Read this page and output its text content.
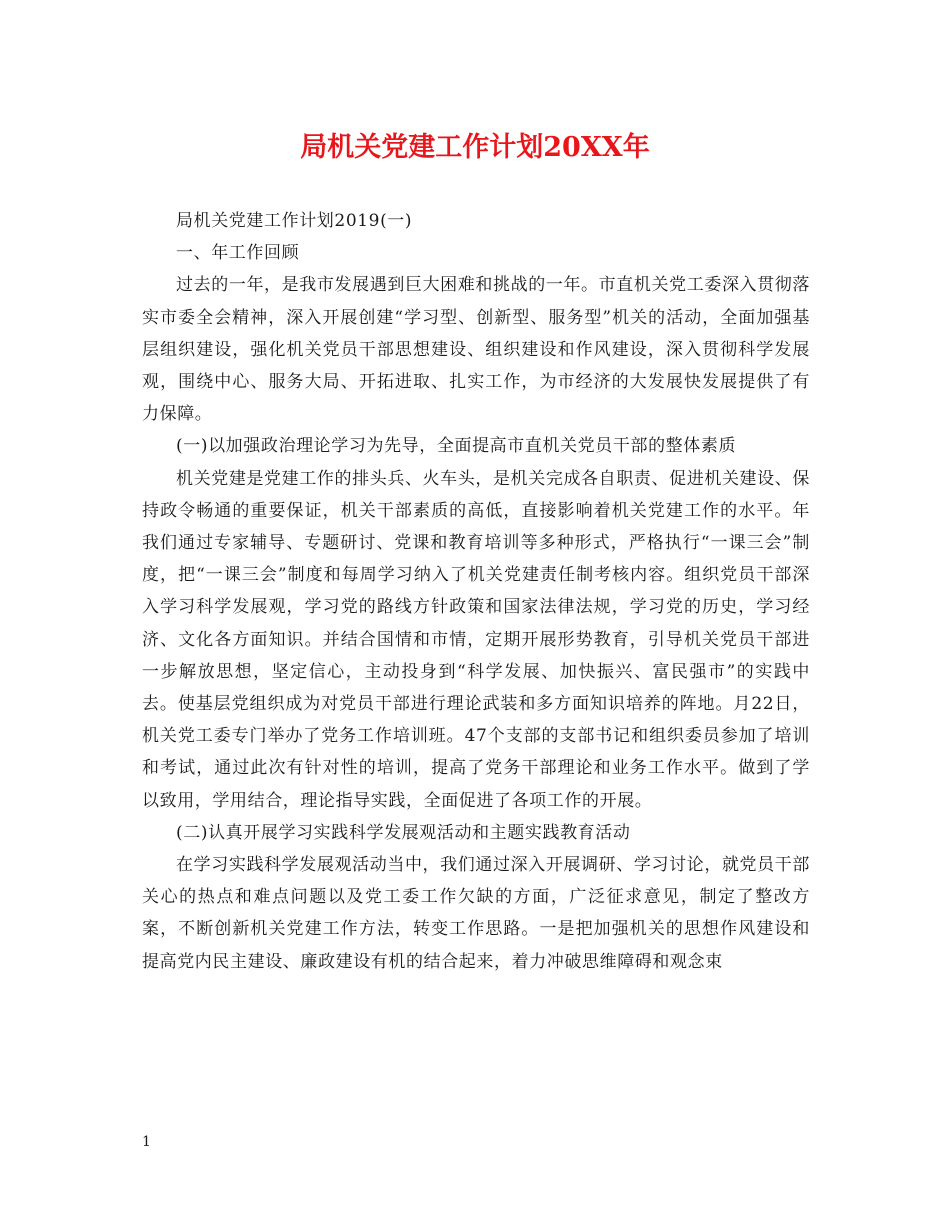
局机关党建工作计划20XX年

局机关党建工作计划2019(一)

一、年工作回顾

过去的一年，是我市发展遇到巨大困难和挑战的一年。市直机关党工委深入贯彻落实市委全会精神，深入开展创建“学习型、创新型、服务型”机关的活动，全面加强基层组织建设，强化机关党员干部思想建设、组织建设和作风建设，深入贯彻科学发展观，围绕中心、服务大局、开拓进取、扎实工作，为市经济的大发展快发展提供了有力保障。

(一)以加强政治理论学习为先导，全面提高市直机关党员干部的整体素质

机关党建是党建工作的排头兵、火车头，是机关完成各自职责、促进机关建设、保持政令畅通的重要保证，机关干部素质的高低，直接影响着机关党建工作的水平。年我们通过专家辅导、专题研讨、党课和教育培训等多种形式，严格执行“一课三会”制度，把“一课三会”制度和每周学习纳入了机关党建责任制考核内容。组织党员干部深入学习科学发展观，学习党的路线方针政策和国家法律法规，学习党的历史，学习经济、文化各方面知识。并结合国情和市情，定期开展形势教育，引导机关党员干部进一步解放思想，坚定信心，主动投身到“科学发展、加快振兴、富民强市”的实践中去。使基层党组织成为对党员干部进行理论武装和多方面知识培养的阵地。月22日，机关党工委专门举办了党务工作培训班。47个支部的支部书记和组织委员参加了培训和考试，通过此次有针对性的培训，提高了党务干部理论和业务工作水平。做到了学以致用，学用结合，理论指导实践，全面促进了各项工作的开展。

(二)认真开展学习实践科学发展观活动和主题实践教育活动

在学习实践科学发展观活动当中，我们通过深入开展调研、学习讨论，就党员干部关心的热点和难点问题以及党工委工作欠缺的方面，广泛征求意见，制定了整改方案，不断创新机关党建工作方法，转变工作思路。一是把加强机关的思想作风建设和提高党内民主建设、廉政建设有机的结合起来，着力冲破思维障碍和观念束

1
